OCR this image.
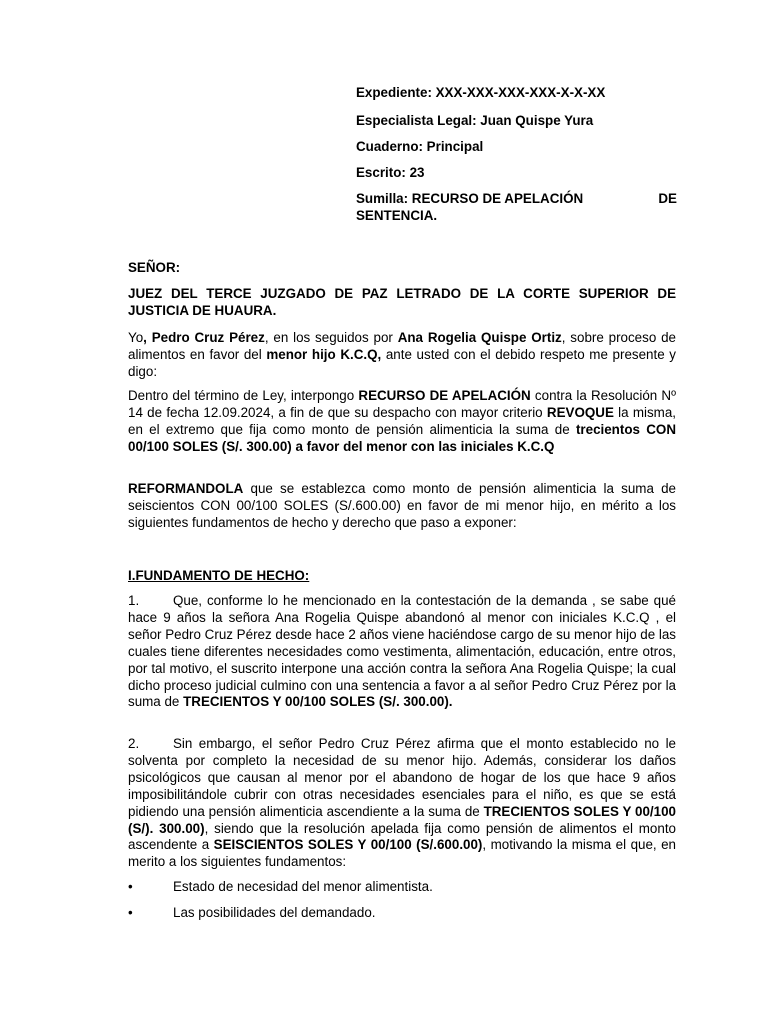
Expediente: XXX-XXX-XXX-XXX-X-X-XX

Especialista Legal: Juan Quispe Yura

Cuaderno: Principal

Escrito: 23

Sumilla: RECURSO DE APELACIÓN	DE

SENTENCIA.

SEÑOR:

JUEZ DEL TERCE JUZGADO DE PAZ LETRADO DE LA CORTE SUPERIOR DE JUSTICIA DE HUAURA.

Yo, Pedro Cruz Pérez, en los seguidos por Ana Rogelia Quispe Ortiz, sobre proceso de alimentos en favor del menor hijo K.C.Q, ante usted con el debido respeto me presente y digo:

Dentro del término de Ley, interpongo RECURSO DE APELACIÓN contra la Resolución Nº 14 de fecha 12.09.2024, a fin de que su despacho con mayor criterio REVOQUE la misma, en el extremo que fija como monto de pensión alimenticia la suma de trecientos CON 00/100 SOLES (S/. 300.00) a favor del menor con las iniciales K.C.Q

REFORMANDOLA que se establezca como monto de pensión alimenticia la suma de seiscientos CON 00/100 SOLES (S/.600.00) en favor de mi menor hijo, en mérito a los siguientes fundamentos de hecho y derecho que paso a exponer:

I.FUNDAMENTO DE HECHO:

1.	Que, conforme lo he mencionado en la contestación de la demanda , se sabe qué hace 9 años la señora Ana Rogelia Quispe abandonó al menor con iniciales K.C.Q , el señor Pedro Cruz Pérez desde hace 2 años viene haciéndose cargo de su menor hijo de las cuales tiene diferentes necesidades como vestimenta, alimentación, educación, entre otros, por tal motivo, el suscrito interpone una acción contra la señora Ana Rogelia Quispe; la cual dicho proceso judicial culmino con una sentencia a favor a al señor Pedro Cruz Pérez por la suma de TRECIENTOS Y 00/100 SOLES (S/. 300.00).

2.	Sin embargo, el señor Pedro Cruz Pérez afirma que el monto establecido no le solventa por completo la necesidad de su menor hijo. Además, considerar los daños psicológicos que causan al menor por el abandono de hogar de los que hace 9 años imposibilitándole cubrir con otras necesidades esenciales para el niño, es que se está pidiendo una pensión alimenticia ascendiente a la suma de TRECIENTOS SOLES Y 00/100 (S/). 300.00), siendo que la resolución apelada fija como pensión de alimentos el monto ascendente a SEISCIENTOS SOLES Y 00/100 (S/.600.00), motivando la misma el que, en merito a los siguientes fundamentos:

•	Estado de necesidad del menor alimentista.

•	Las posibilidades del demandado.
